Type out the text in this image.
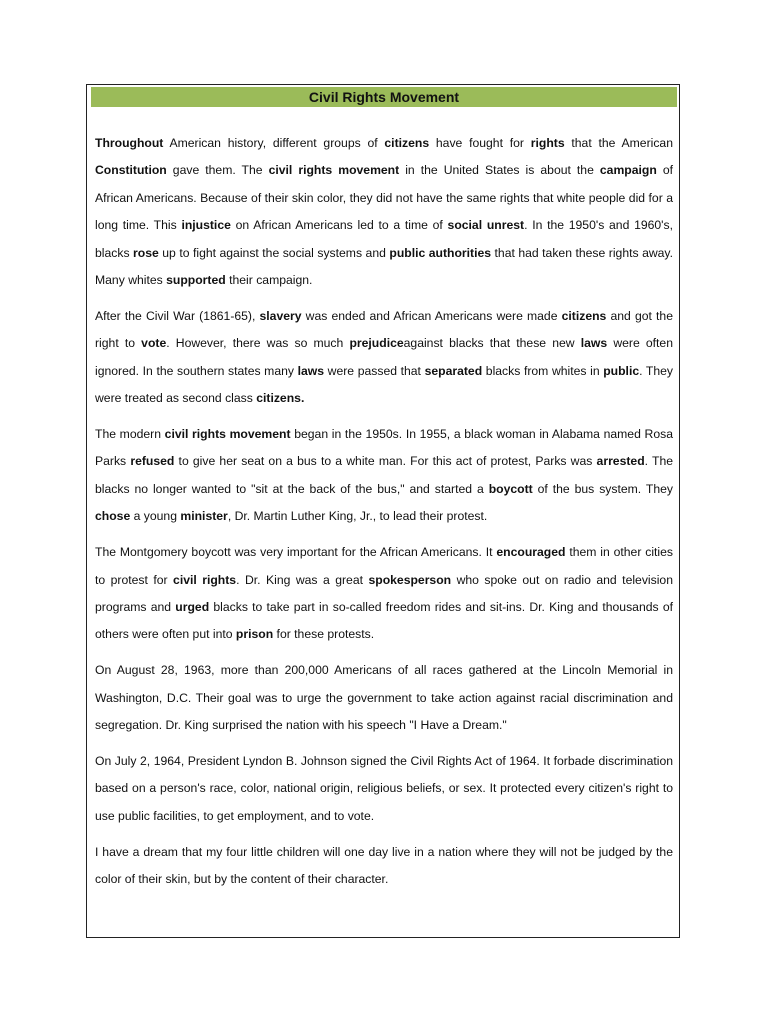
Civil Rights Movement

Throughout American history, different groups of citizens have fought for rights that the American Constitution gave them. The civil rights movement in the United States is about the campaign of African Americans. Because of their skin color, they did not have the same rights that white people did for a long time. This injustice on African Americans led to a time of social unrest. In the 1950's and 1960's, blacks rose up to fight against the social systems and public authorities that had taken these rights away. Many whites supported their campaign.

After the Civil War (1861-65), slavery was ended and African Americans were made citizens and got the right to vote. However, there was so much prejudiceagainst blacks that these new laws were often ignored. In the southern states many laws were passed that separated blacks from whites in public. They were treated as second class citizens.

The modern civil rights movement began in the 1950s. In 1955, a black woman in Alabama named Rosa Parks refused to give her seat on a bus to a white man. For this act of protest, Parks was arrested. The blacks no longer wanted to "sit at the back of the bus," and started a boycott of the bus system. They chose a young minister, Dr. Martin Luther King, Jr., to lead their protest.

The Montgomery boycott was very important for the African Americans. It encouraged them in other cities to protest for civil rights. Dr. King was a great spokesperson who spoke out on radio and television programs and urged blacks to take part in so-called freedom rides and sit-ins. Dr. King and thousands of others were often put into prison for these protests.

On August 28, 1963, more than 200,000 Americans of all races gathered at the Lincoln Memorial in Washington, D.C. Their goal was to urge the government to take action against racial discrimination and segregation. Dr. King surprised the nation with his speech "I Have a Dream."

On July 2, 1964, President Lyndon B. Johnson signed the Civil Rights Act of 1964. It forbade discrimination based on a person's race, color, national origin, religious beliefs, or sex. It protected every citizen's right to use public facilities, to get employment, and to vote.

I have a dream that my four little children will one day live in a nation where they will not be judged by the color of their skin, but by the content of their character.
